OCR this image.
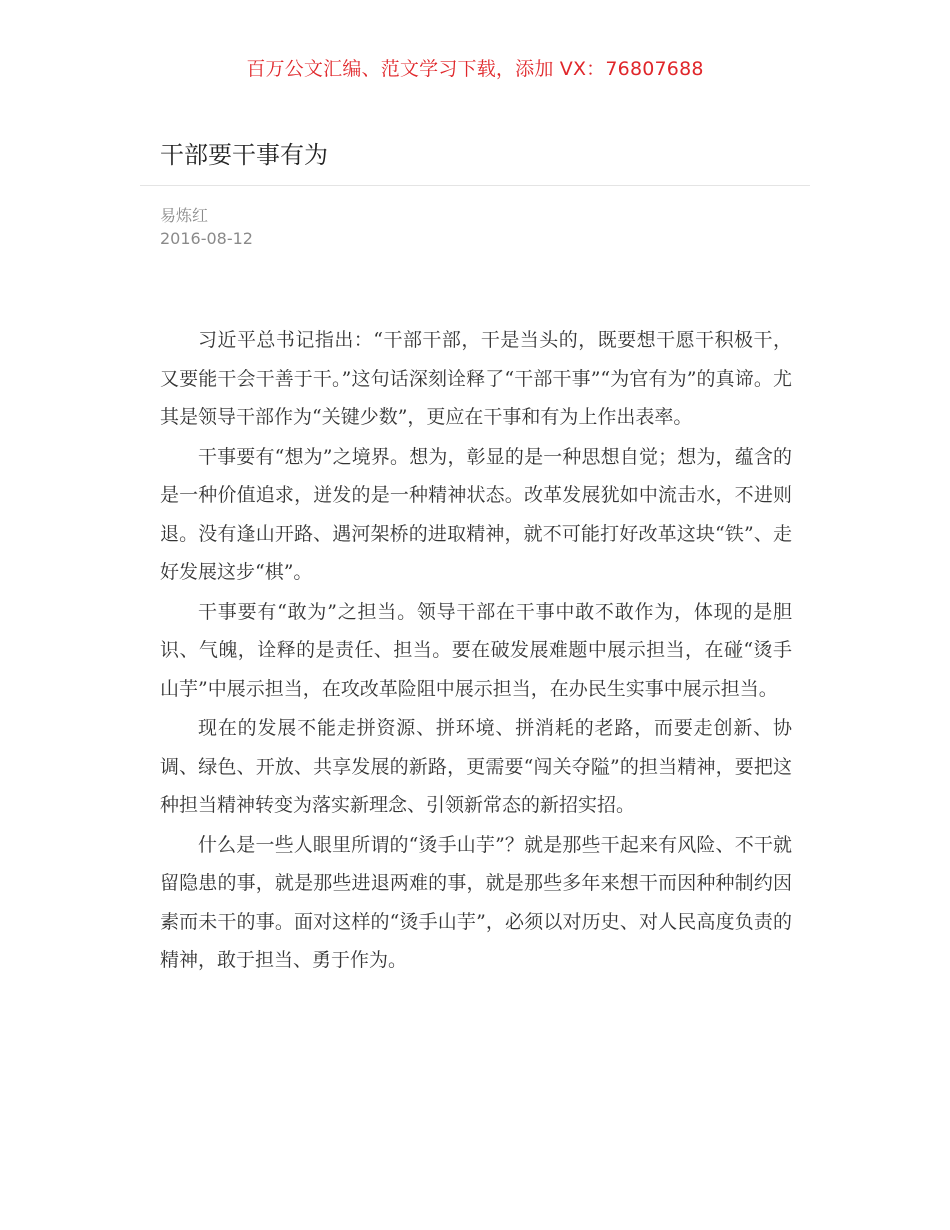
百万公文汇编、范文学习下载，添加 VX：76807688
干部要干事有为
易炼红
2016-08-12

习近平总书记指出：“干部干部，干是当头的，既要想干愿干积极干，又要能干会干善于干。”这句话深刻诠释了“干部干事”“为官有为”的真谛。尤其是领导干部作为“关键少数”，更应在干事和有为上作出表率。

干事要有“想为”之境界。想为，彰显的是一种思想自觉；想为，蕴含的是一种价值追求，迸发的是一种精神状态。改革发展犹如中流击水，不进则退。没有逢山开路、遇河架桥的进取精神，就不可能打好改革这块“铁”、走好发展这步“棋”。

干事要有“敢为”之担当。领导干部在干事中敢不敢作为，体现的是胆识、气魄，诠释的是责任、担当。要在破发展难题中展示担当，在碰“烫手山芋”中展示担当，在攻改革险阻中展示担当，在办民生实事中展示担当。

现在的发展不能走拼资源、拼环境、拼消耗的老路，而要走创新、协调、绿色、开放、共享发展的新路，更需要“闯关夺隘”的担当精神，要把这种担当精神转变为落实新理念、引领新常态的新招实招。

什么是一些人眼里所谓的“烫手山芋”？就是那些干起来有风险、不干就留隐患的事，就是那些进退两难的事，就是那些多年来想干而因种种制约因素而未干的事。面对这样的“烫手山芋”，必须以对历史、对人民高度负责的精神，敢于担当、勇于作为。
